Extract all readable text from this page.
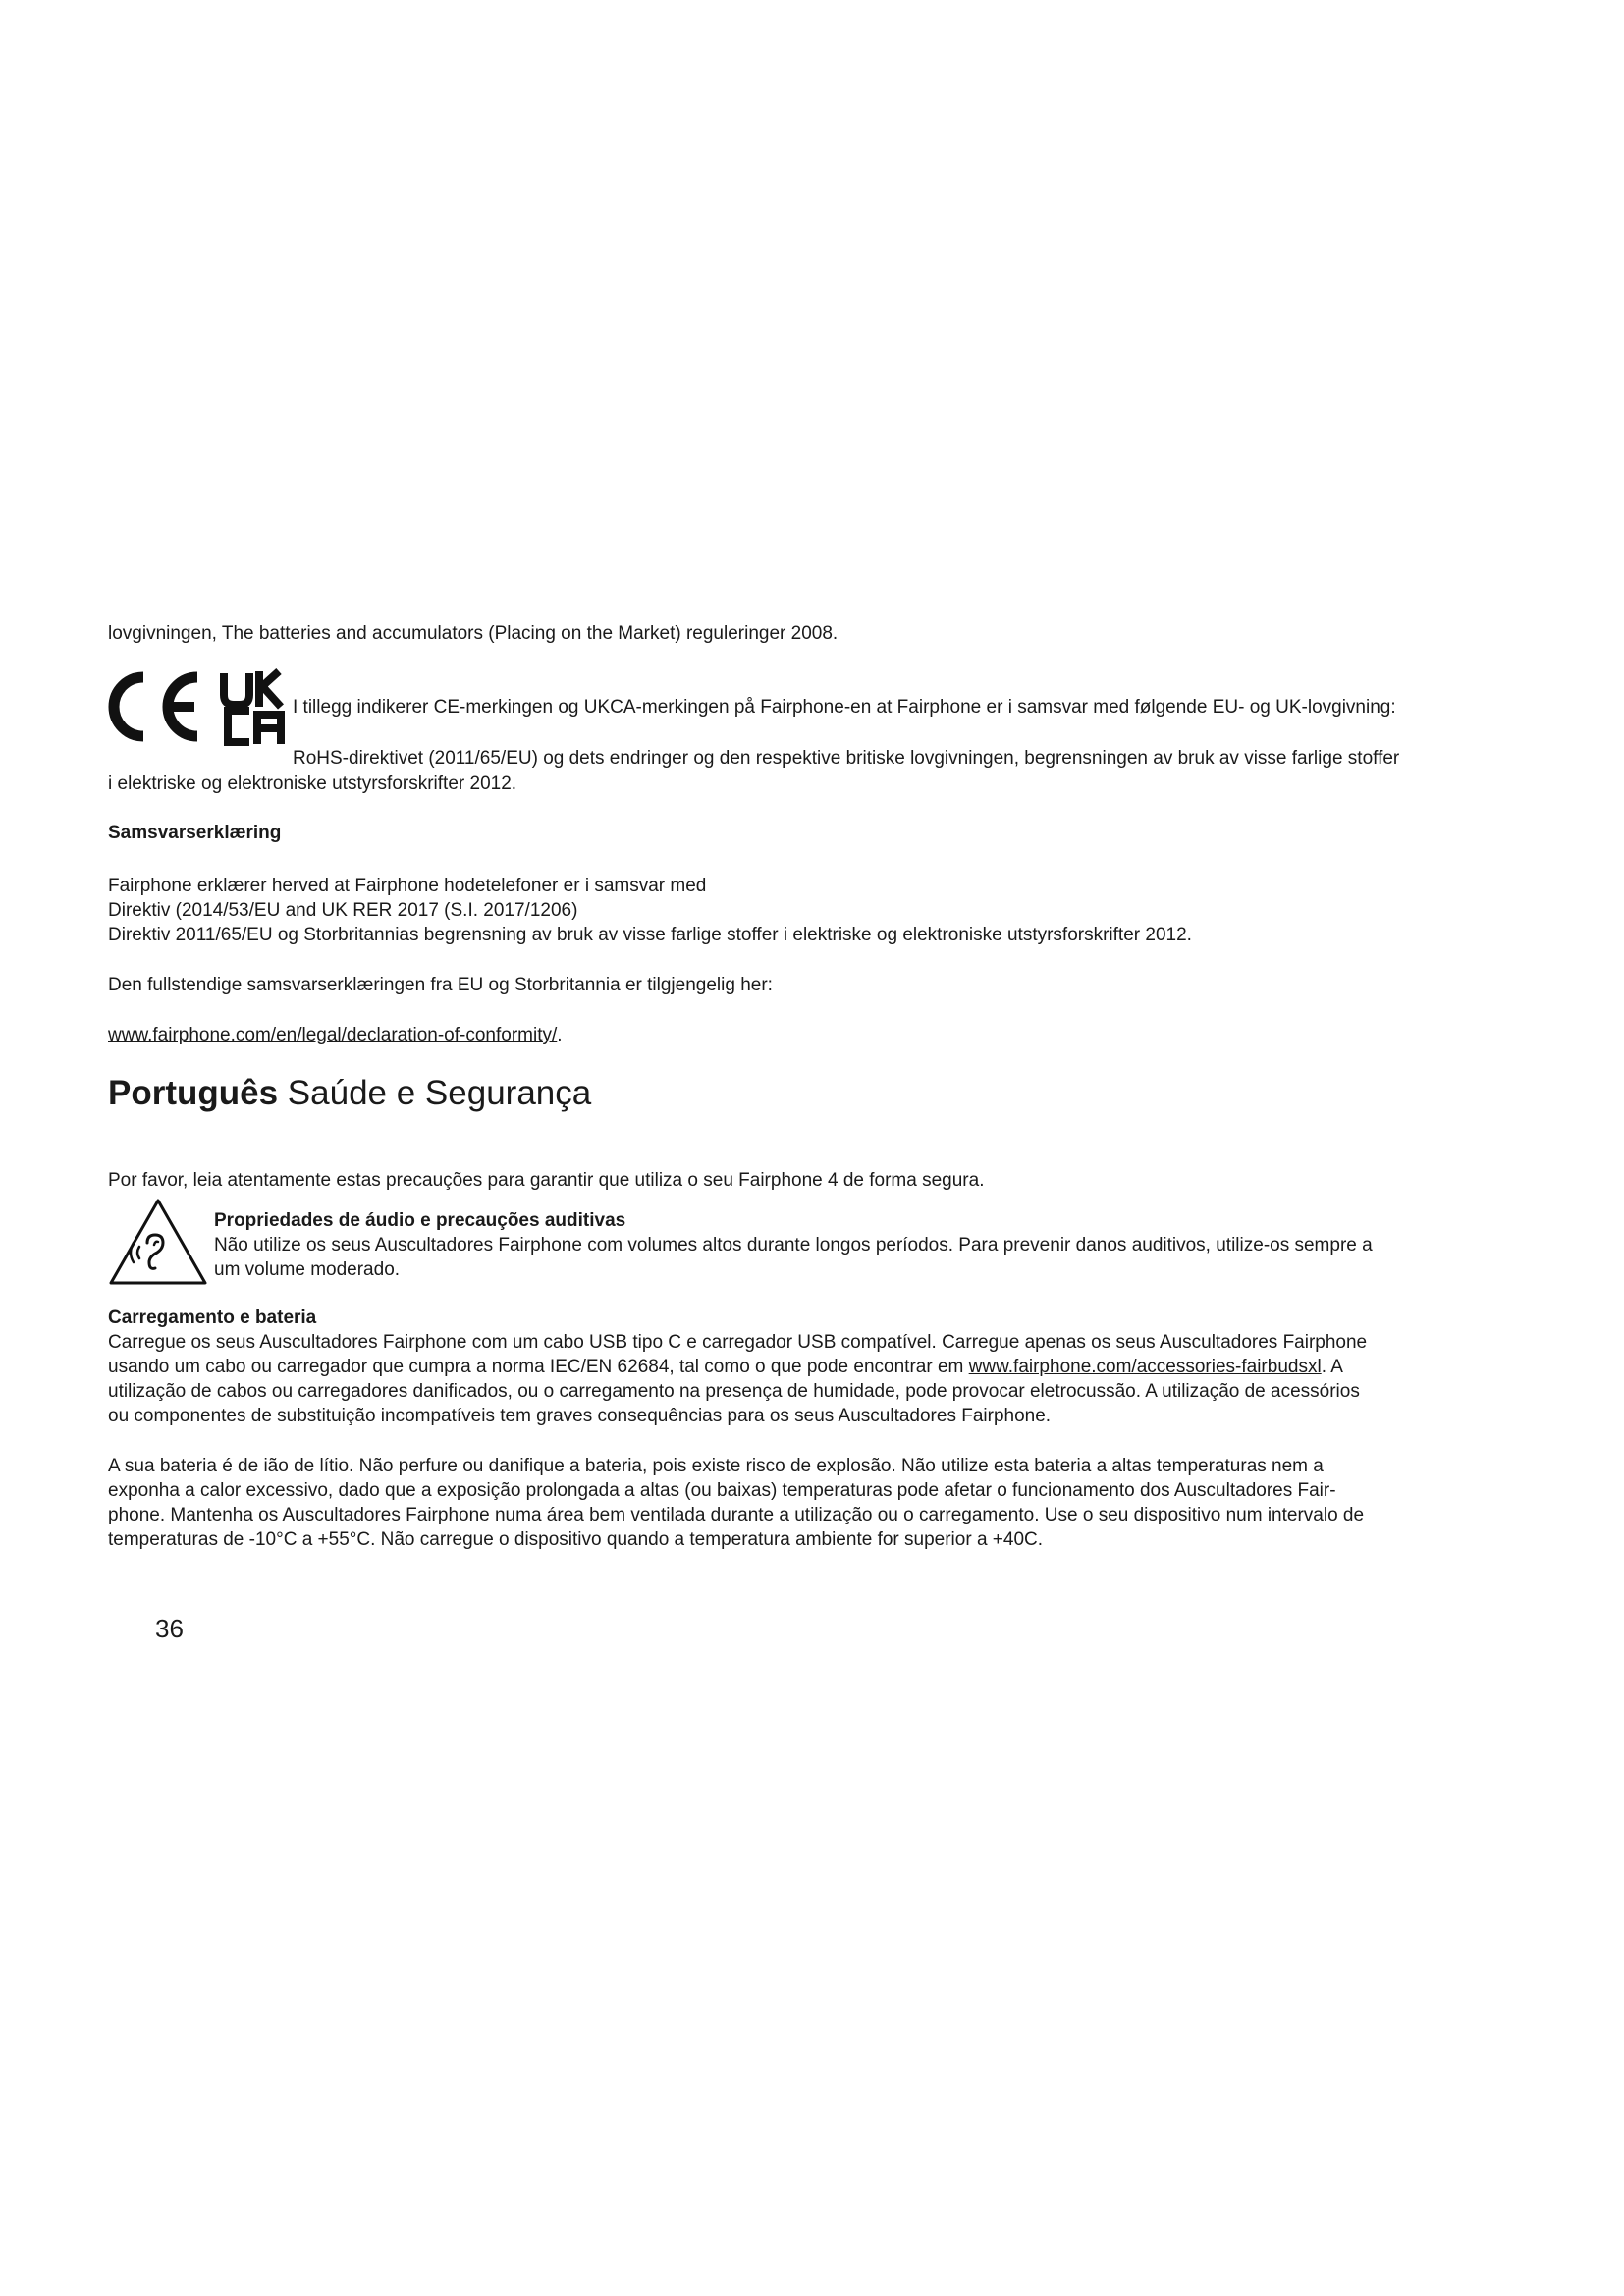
lovgivningen, The batteries and accumulators (Placing on the Market) reguleringer 2008.

I tillegg indikerer CE-merkingen og UKCA-merkingen på Fairphone-en at Fairphone er i samsvar med følgende EU- og UK-lovgivning:

RoHS-direktivet (2011/65/EU) og dets endringer og den respektive britiske lovgivningen, begrensningen av bruk av visse farlige stoffer

i elektriske og elektroniske utstyrsforskrifter 2012.

Samsvarserklæring

Fairphone erklærer herved at Fairphone hodetelefoner er i samsvar med

Direktiv (2014/53/EU and UK RER 2017 (S.I. 2017/1206)

Direktiv 2011/65/EU og Storbritannias begrensning av bruk av visse farlige stoffer i elektriske og elektroniske utstyrsforskrifter 2012.

Den fullstendige samsvarserklæringen fra EU og Storbritannia er tilgjengelig her:

www.fairphone.com/en/legal/declaration-of-conformity/.

Português Saúde e Segurança

Por favor, leia atentamente estas precauções para garantir que utiliza o seu Fairphone 4 de forma segura.

Propriedades de áudio e precauções auditivas

Não utilize os seus Auscultadores Fairphone com volumes altos durante longos períodos. Para prevenir danos auditivos, utilize-os sempre a

um volume moderado.

Carregamento e bateria

Carregue os seus Auscultadores Fairphone com um cabo USB tipo C e carregador USB compatível. Carregue apenas os seus Auscultadores Fairphone

usando um cabo ou carregador que cumpra a norma IEC/EN 62684, tal como o que pode encontrar em www.fairphone.com/accessories-fairbudsxl. A

utilização de cabos ou carregadores danificados, ou o carregamento na presença de humidade, pode provocar eletrocussão. A utilização de acessórios

ou componentes de substituição incompatíveis tem graves consequências para os seus Auscultadores Fairphone.

A sua bateria é de ião de lítio. Não perfure ou danifique a bateria, pois existe risco de explosão. Não utilize esta bateria a altas temperaturas nem a

exponha a calor excessivo, dado que a exposição prolongada a altas (ou baixas) temperaturas pode afetar o funcionamento dos Auscultadores Fair-

phone. Mantenha os Auscultadores Fairphone numa área bem ventilada durante a utilização ou o carregamento. Use o seu dispositivo num intervalo de

temperaturas de -10°C a +55°C. Não carregue o dispositivo quando a temperatura ambiente for superior a +40C.

36
